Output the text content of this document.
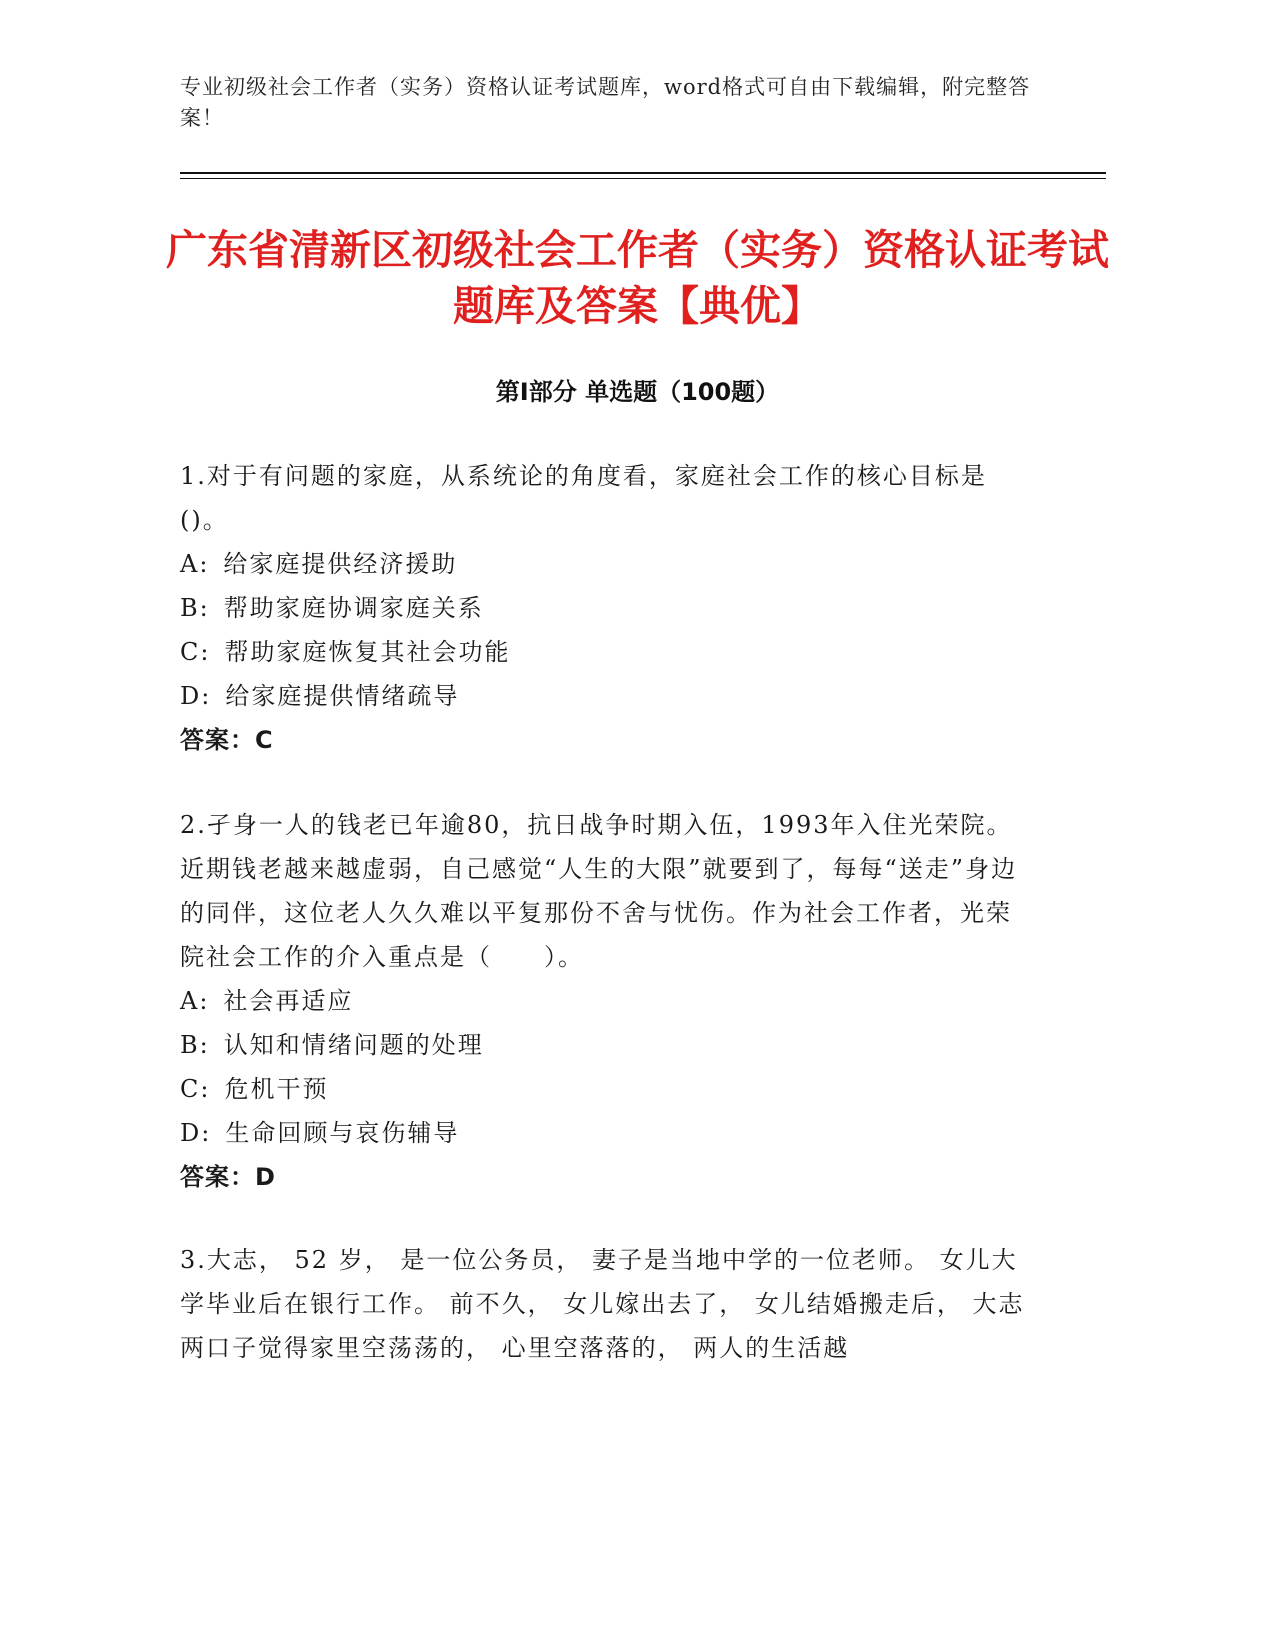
专业初级社会工作者（实务）资格认证考试题库，word格式可自由下载编辑，附完整答案！
广东省清新区初级社会工作者（实务）资格认证考试题库及答案【典优】
第Ⅰ部分 单选题（100题）

1.对于有问题的家庭，从系统论的角度看，家庭社会工作的核心目标是()。

A: 给家庭提供经济援助

B: 帮助家庭协调家庭关系

C: 帮助家庭恢复其社会功能

D: 给家庭提供情绪疏导

答案：C

2.孑身一人的钱老已年逾80，抗日战争时期入伍，1993年入住光荣院。近期钱老越来越虚弱，自己感觉“人生的大限”就要到了，每每“送走”身边的同伴，这位老人久久难以平复那份不舍与忧伤。作为社会工作者，光荣院社会工作的介入重点是（　　）。

A: 社会再适应

B: 认知和情绪问题的处理

C: 危机干预

D: 生命回顾与哀伤辅导

答案：D

3.大志， 52 岁， 是一位公务员， 妻子是当地中学的一位老师。 女儿大学毕业后在银行工作。 前不久， 女儿嫁出去了， 女儿结婚搬走后， 大志两口子觉得家里空荡荡的， 心里空落落的， 两人的生活越
